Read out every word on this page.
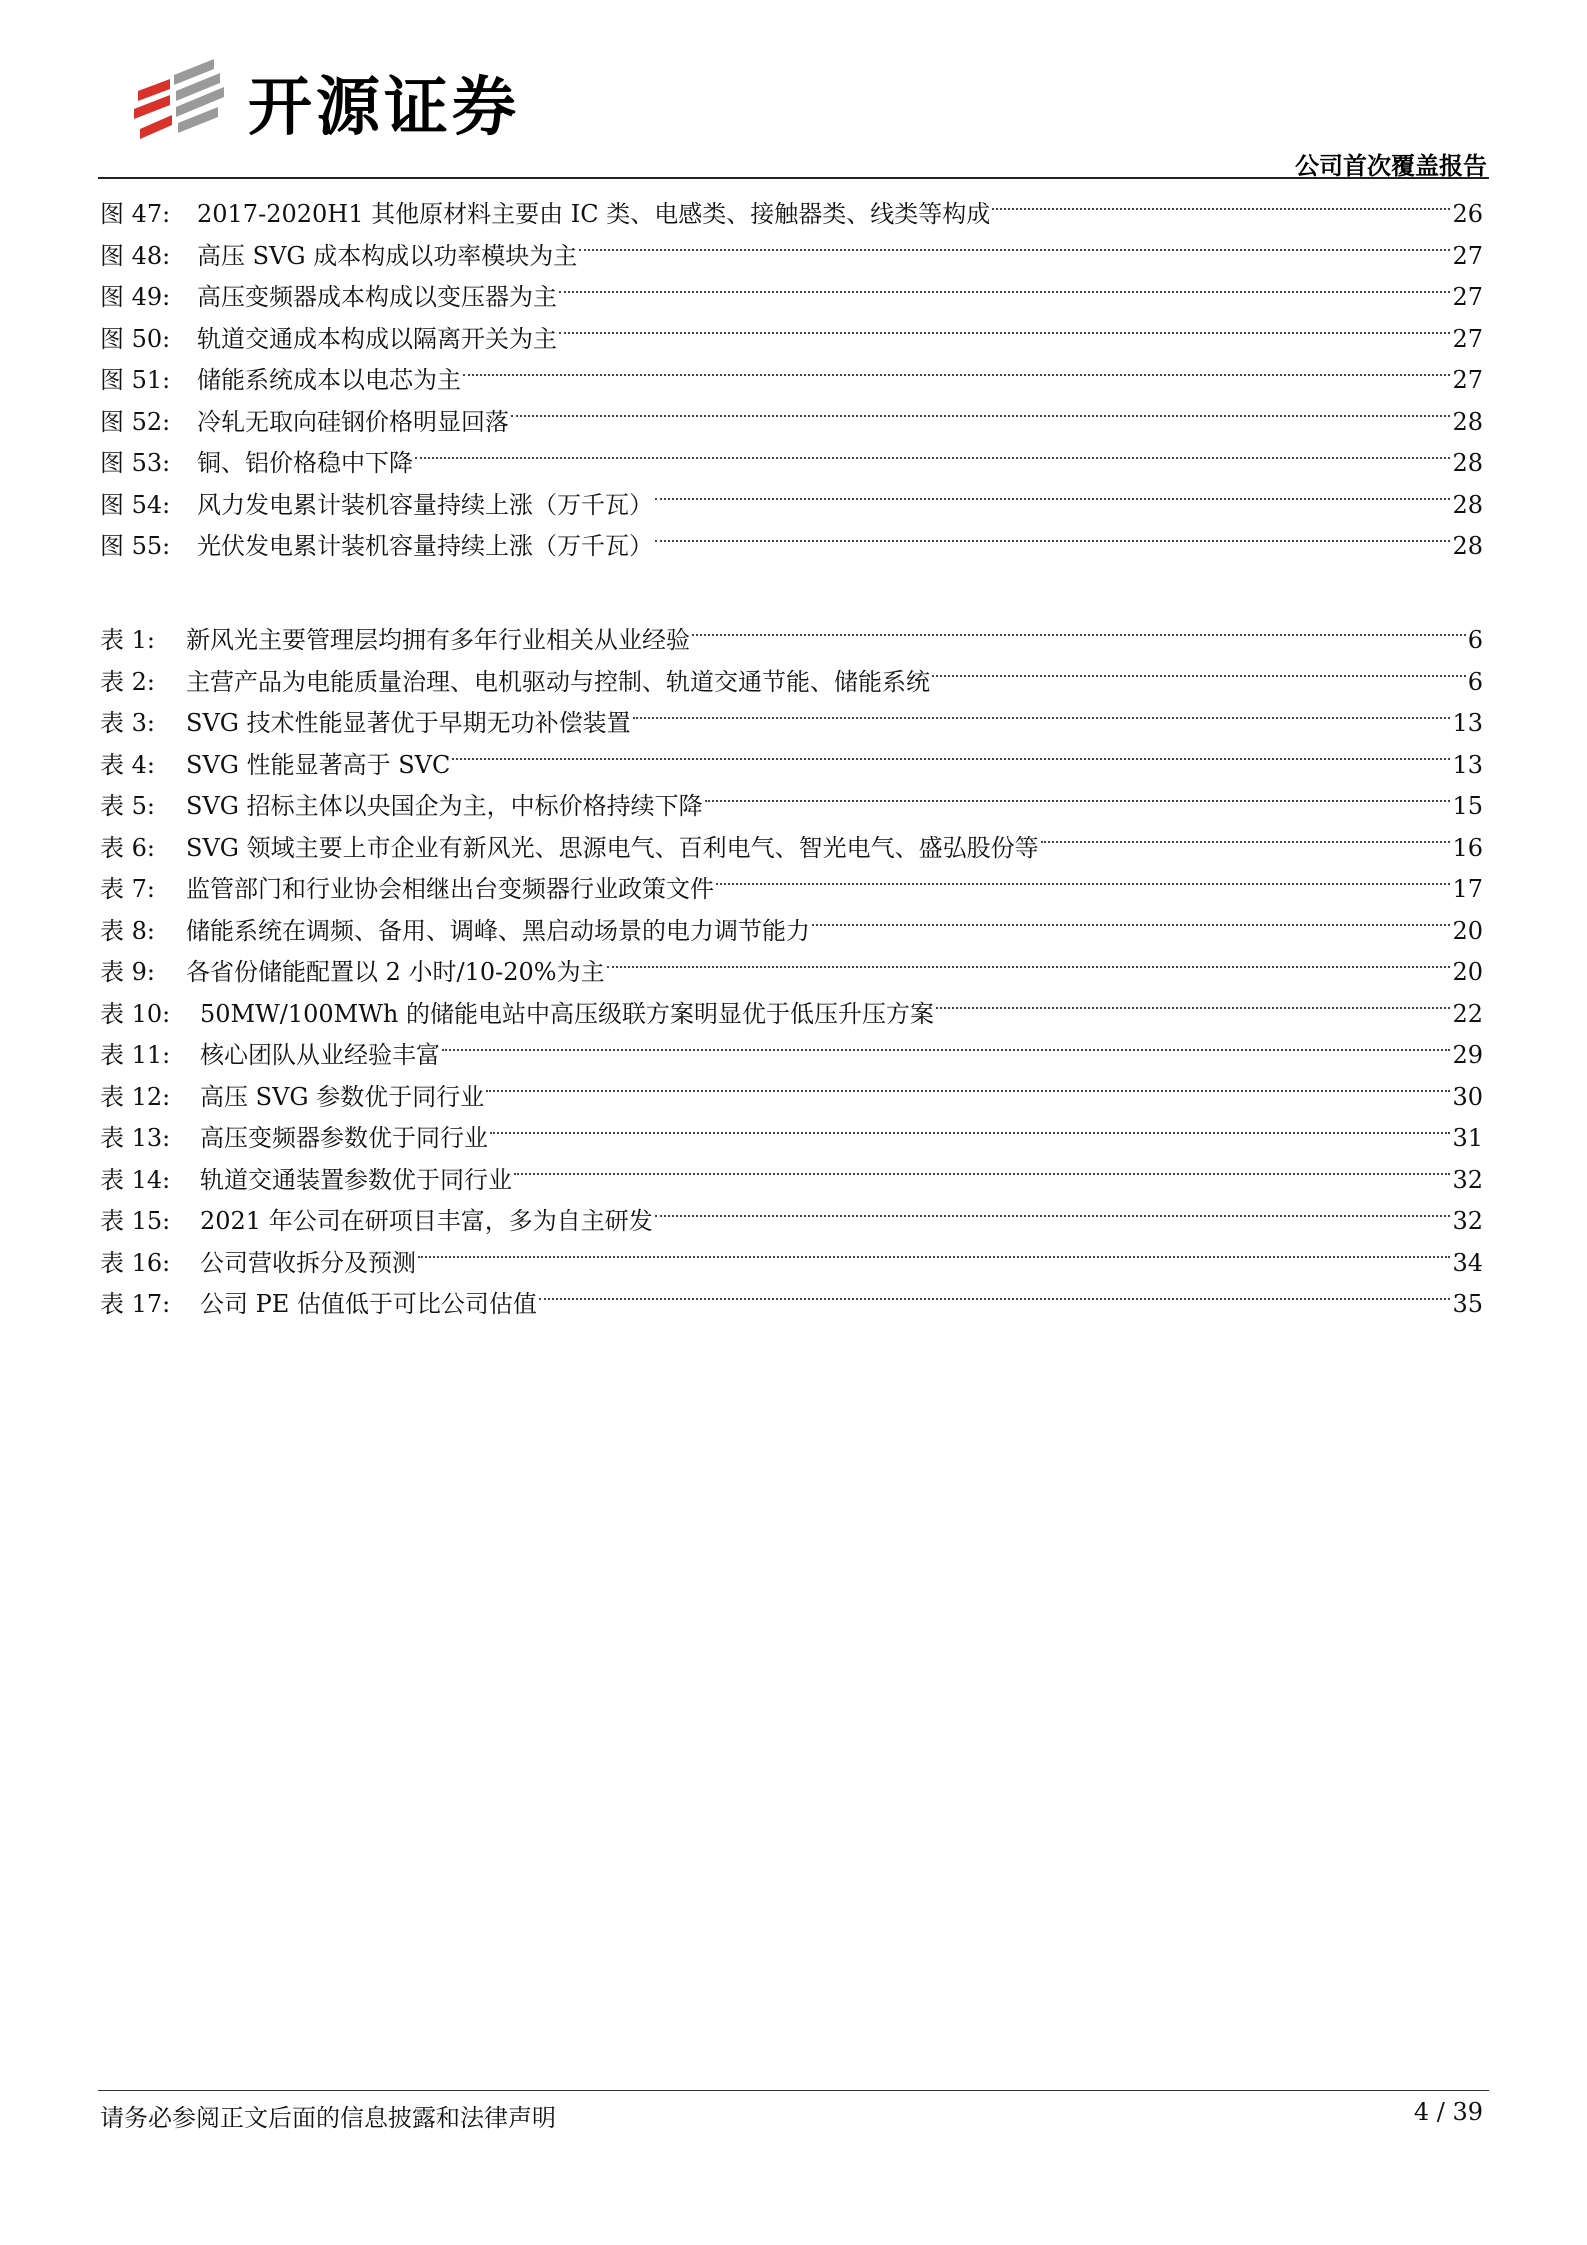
开源证券
公司首次覆盖报告
图 47:	2017-2020H1 其他原材料主要由 IC 类、电感类、接触器类、线类等构成	26
图 48:	高压 SVG 成本构成以功率模块为主	27
图 49:	高压变频器成本构成以变压器为主	27
图 50:	轨道交通成本构成以隔离开关为主	27
图 51:	储能系统成本以电芯为主	27
图 52:	冷轧无取向硅钢价格明显回落	28
图 53:	铜、铝价格稳中下降	28
图 54:	风力发电累计装机容量持续上涨（万千瓦）	28
图 55:	光伏发电累计装机容量持续上涨（万千瓦）	28
表 1:	新风光主要管理层均拥有多年行业相关从业经验	6
表 2:	主营产品为电能质量治理、电机驱动与控制、轨道交通节能、储能系统	6
表 3:	SVG 技术性能显著优于早期无功补偿装置	13
表 4:	SVG 性能显著高于 SVC	13
表 5:	SVG 招标主体以央国企为主，中标价格持续下降	15
表 6:	SVG 领域主要上市企业有新风光、思源电气、百利电气、智光电气、盛弘股份等	16
表 7:	监管部门和行业协会相继出台变频器行业政策文件	17
表 8:	储能系统在调频、备用、调峰、黑启动场景的电力调节能力	20
表 9:	各省份储能配置以 2 小时/10-20%为主	20
表 10:	50MW/100MWh 的储能电站中高压级联方案明显优于低压升压方案	22
表 11:	核心团队从业经验丰富	29
表 12:	高压 SVG 参数优于同行业	30
表 13:	高压变频器参数优于同行业	31
表 14:	轨道交通装置参数优于同行业	32
表 15:	2021 年公司在研项目丰富，多为自主研发	32
表 16:	公司营收拆分及预测	34
表 17:	公司 PE 估值低于可比公司估值	35
请务必参阅正文后面的信息披露和法律声明	4 / 39
